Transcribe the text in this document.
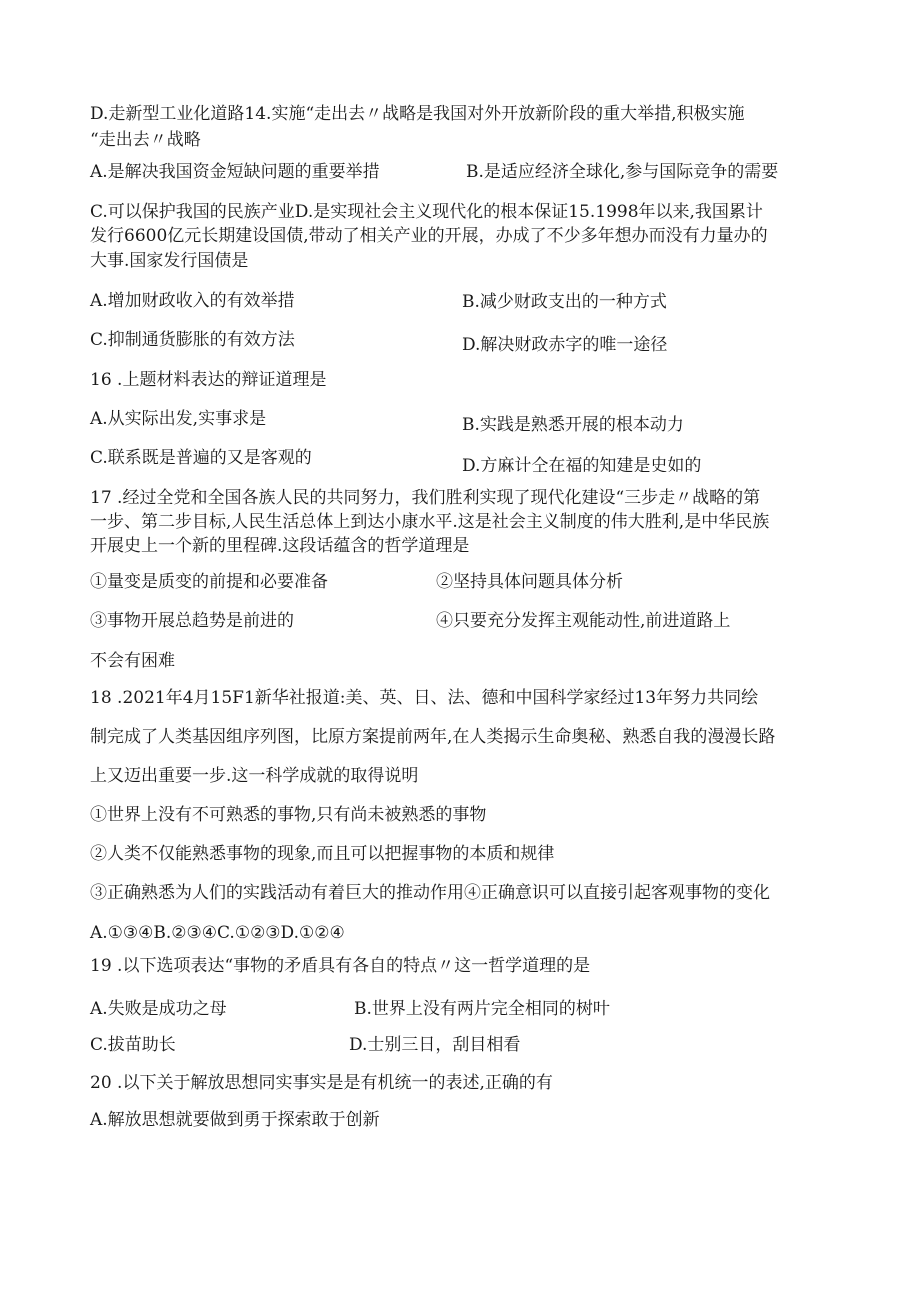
D.走新型工业化道路14.实施“走出去〃战略是我国对外开放新阶段的重大举措,积极实施
“走出去〃战略
A.是解决我国资金短缺问题的重要举措	B.是适应经济全球化,参与国际竞争的需要
C.可以保护我国的民族产业D.是实现社会主义现代化的根本保证15.1998年以来,我国累计
发行6600亿元长期建设国债,带动了相关产业的开展，办成了不少多年想办而没有力量办的
大事.国家发行国债是
A.增加财政收入的有效举措	B.减少财政支出的一种方式
C.抑制通货膨胀的有效方法	D.解决财政赤字的唯一途径
16 .上题材料表达的辩证道理是
A.从实际出发,实事求是	B.实践是熟悉开展的根本动力
C.联系既是普遍的又是客观的	D.方麻计仝在福的知​建是史如的
17 .经过全党和全国各族人民的共同努力，我们胜利实现了现代化建设“三步走〃战略的第
一步、第二步目标,人民生活总体上到达小康水平.这是社会主义制度的伟大胜利,是中华民族
开展史上一个新的里程碑.这段话蕴含的哲学道理是
①量变是质变的前提和必要准备	②坚持具体问题具体分析
③事物开展总趋势是前进的	④只要充分发挥主观能动性,前进道路上
不会有困难
18 .2021年4月15F1新华社报道:美、英、日、法、德和中国科学家经过13年努力共同绘
制完成了人类基因组序列图，比原方案提前两年,在人类揭示生命奥秘、熟悉自我的漫漫长路
上又迈出重要一步.这一科学成就的取得说明
①世界上没有不可熟悉的事物,只有尚未被熟悉的事物
②人类不仅能熟悉事物的现象,而且可以把握事物的本质和规律
③正确熟悉为人们的实践活动有着巨大的推动作用④正确意识可以直接引起客观事物的变化
A.①③④B.②③④C.①②③D.①②④
19 .以下选项表达“事物的矛盾具有各自的特点〃这一哲学道理的是
A.失败是成功之母	B.世界上没有两片完全相同的树叶
C.拔苗助长	D.士别三日，刮目相看
20 .以下关于解放思想同实事实是是有机统一的表述,正确的有
A.解放思想就要做到勇于探索敢于创新
